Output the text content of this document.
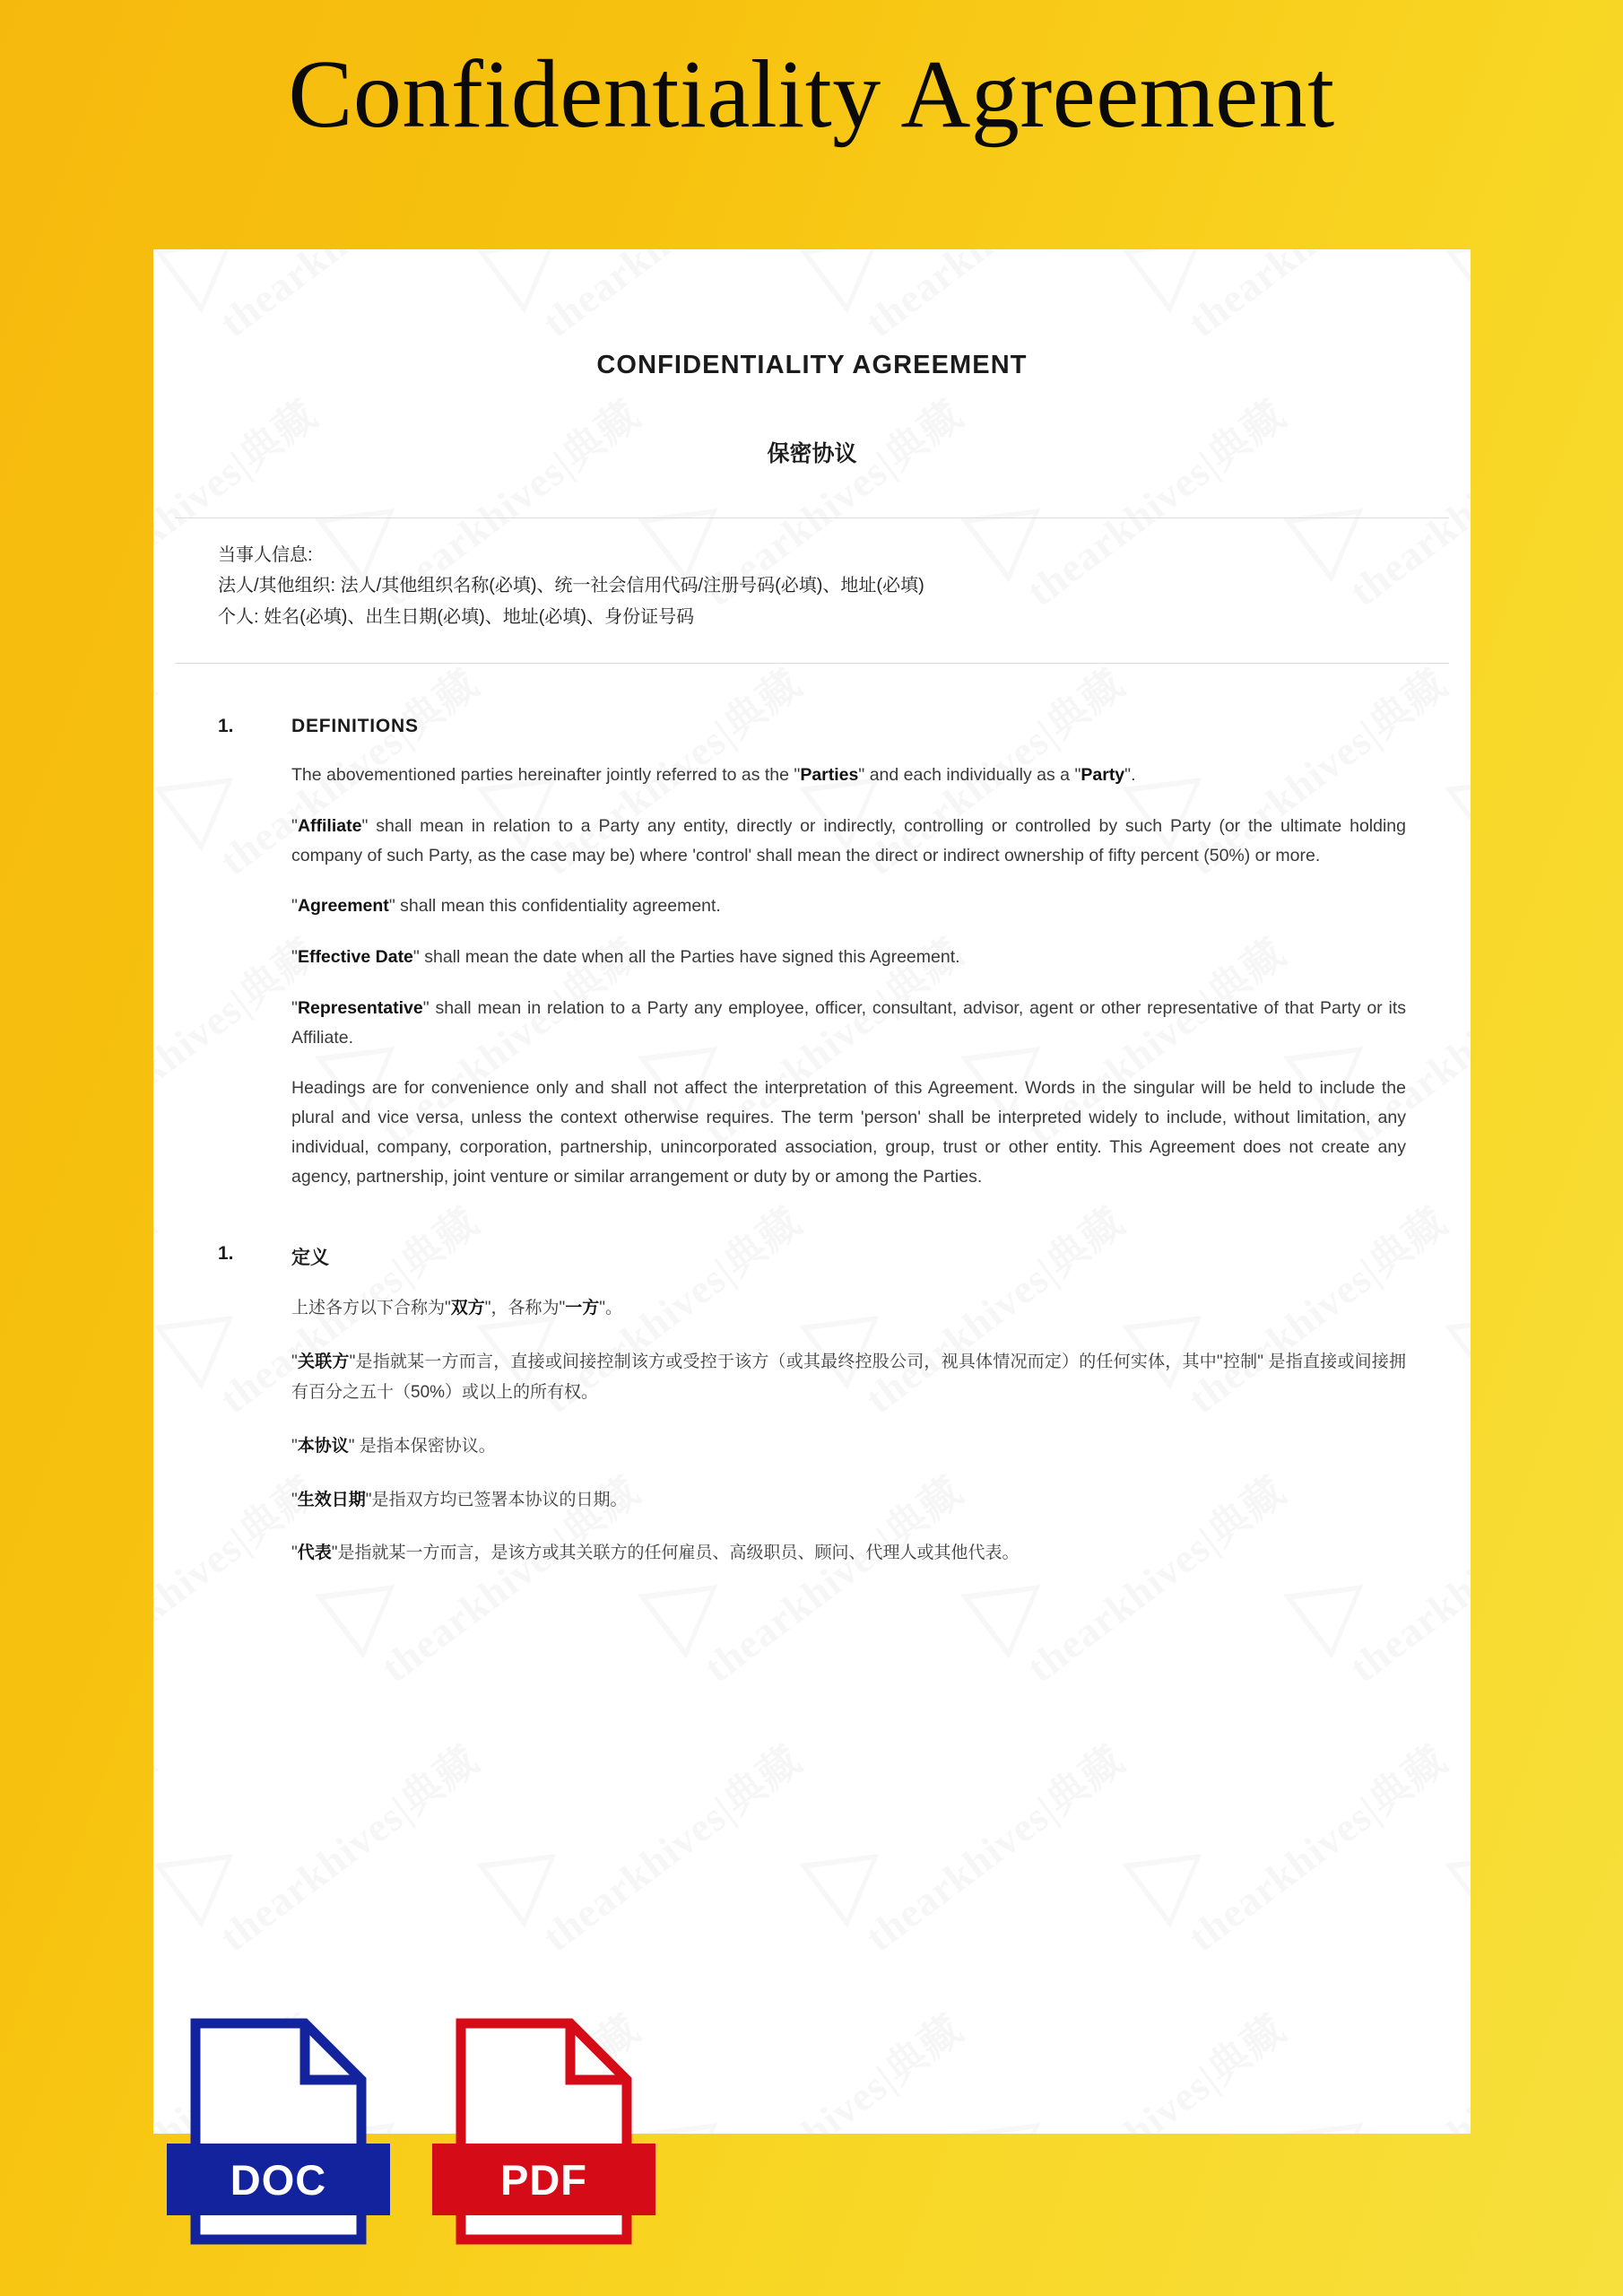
Confidentiality Agreement
CONFIDENTIALITY AGREEMENT
保密协议
当事人信息:
法人/其他组织: 法人/其他组织名称(必填)、统一社会信用代码/注册号码(必填)、地址(必填)
个人: 姓名(必填)、出生日期(必填)、地址(必填)、身份证号码
1.	DEFINITIONS

The abovementioned parties hereinafter jointly referred to as the "Parties" and each individually as a "Party".

"Affiliate" shall mean in relation to a Party any entity, directly or indirectly, controlling or controlled by such Party (or the ultimate holding company of such Party, as the case may be) where 'control' shall mean the direct or indirect ownership of fifty percent (50%) or more.

"Agreement" shall mean this confidentiality agreement.

"Effective Date" shall mean the date when all the Parties have signed this Agreement.

"Representative" shall mean in relation to a Party any employee, officer, consultant, advisor, agent or other representative of that Party or its Affiliate.

Headings are for convenience only and shall not affect the interpretation of this Agreement. Words in the singular will be held to include the plural and vice versa, unless the context otherwise requires. The term 'person' shall be interpreted widely to include, without limitation, any individual, company, corporation, partnership, unincorporated association, group, trust or other entity. This Agreement does not create any agency, partnership, joint venture or similar arrangement or duty by or among the Parties.

1.	定义

上述各方以下合称为"双方"，各称为"一方"。

"关联方"是指就某一方而言，直接或间接控制该方或受控于该方（或其最终控股公司，视具体情况而定）的任何实体，其中"控制" 是指直接或间接拥有百分之五十（50%）或以上的所有权。

"本协议" 是指本保密协议。

"生效日期"是指双方均已签署本协议的日期。

"代表"是指就某一方而言，是该方或其关联方的任何雇员、高级职员、顾问、代理人或其他代表。

DOC	PDF
